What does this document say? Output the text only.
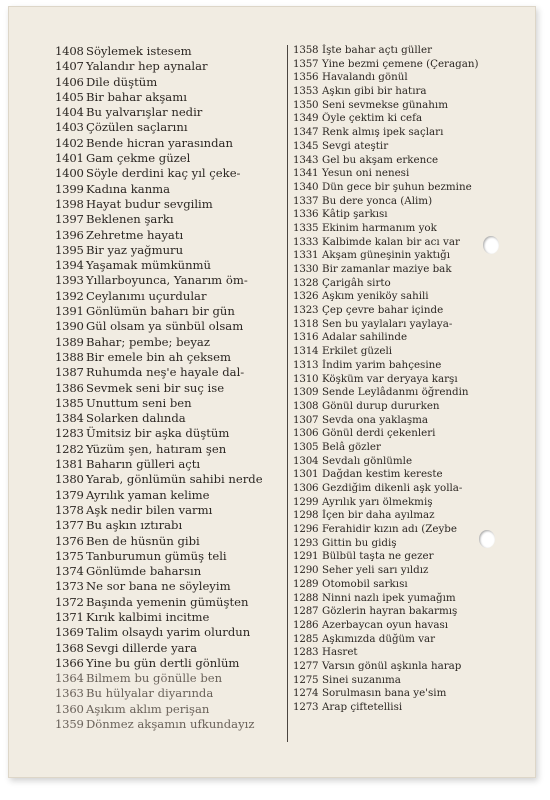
1408 Söylemek istesem
1407 Yalandır hep aynalar
1406 Dile düştüm
1405 Bir bahar akşamı
1404 Bu yalvarışlar nedir
1403 Çözülen saçlarını
1402 Bende hicran yarasından
1401 Gam çekme güzel
1400 Söyle derdini kaç yıl çeke-
1399 Kadına kanma
1398 Hayat budur sevgilim
1397 Beklenen şarkı
1396 Zehretme hayatı
1395 Bir yaz yağmuru
1394 Yaşamak mümkünmü
1393 Yıllarboyunca, Yanarım öm-
1392 Ceylanımı uçurdular
1391 Gönlümün baharı bir gün
1390 Gül olsam ya sünbül olsam
1389 Bahar; pembe; beyaz
1388 Bir emele bin ah çeksem
1387 Ruhumda neş'e hayale dal-
1386 Sevmek seni bir suç ise
1385 Unuttum seni ben
1384 Solarken dalında
1283 Ümitsiz bir aşka düştüm
1282 Yüzüm şen, hatıram şen
1381 Baharın gülleri açtı
1380 Yarab, gönlümün sahibi nerde
1379 Ayrılık yaman kelime
1378 Aşk nedir bilen varmı
1377 Bu aşkın ıztırabı
1376 Ben de hüsnün gibi
1375 Tanburumun gümüş teli
1374 Gönlümde baharsın
1373 Ne sor bana ne söyleyim
1372 Başında yemenin gümüşten
1371 Kırık kalbimi incitme
1369 Talim olsaydı yarim olurdun
1368 Sevgi dillerde yara
1366 Yine bu gün dertli gönlüm
1364 Bilmem bu gönülle ben
1363 Bu hülyalar diyarında
1360 Aşıkım aklım perişan
1359 Dönmez akşamın ufkundayız
1358 İşte bahar açtı güller
1357 Yine bezmi çemene (Çeragan)
1356 Havalandı gönül
1353 Aşkın gibi bir hatıra
1350 Seni sevmekse günahım
1349 Öyle çektim ki cefa
1347 Renk almış ipek saçları
1345 Sevgi ateştir
1343 Gel bu akşam erkence
1341 Yesun oni nenesi
1340 Dün gece bir şuhun bezmine
1337 Bu dere yonca (Alim)
1336 Kâtip şarkısı
1335 Ekinim harmanım yok
1333 Kalbimde kalan bir acı var
1331 Akşam güneşinin yaktığı
1330 Bir zamanlar maziye bak
1328 Çarigâh sirto
1326 Aşkım yeniköy sahili
1323 Çep çevre bahar içinde
1318 Sen bu yaylaları yaylaya-
1316 Adalar sahilinde
1314 Erkilet güzeli
1313 İndim yarim bahçesine
1310 Köşküm var deryaya karşı
1309 Sende Leylâdanmı öğrendin
1308 Gönül durup dururken
1307 Sevda ona yaklaşma
1306 Gönül derdi çekenleri
1305 Belâ gözler
1304 Sevdalı gönlümle
1301 Dağdan kestim kereste
1306 Gezdiğim dikenli aşk yolla-
1299 Ayrılık yarı ölmekmiş
1298 İçen bir daha ayılmaz
1296 Ferahidir kızın adı (Zeybe
1293 Gittin bu gidiş
1291 Bülbül taşta ne gezer
1290 Seher yeli sarı yıldız
1289 Otomobil sarkısı
1288 Ninni nazlı ipek yumağım
1287 Gözlerin hayran bakarmış
1286 Azerbaycan oyun havası
1285 Aşkımızda düğüm var
1283 Hasret
1277 Varsın gönül aşkınla harap
1275 Sinei suzanıma
1274 Sorulmasın bana ye'sim
1273 Arap çiftetellisi
